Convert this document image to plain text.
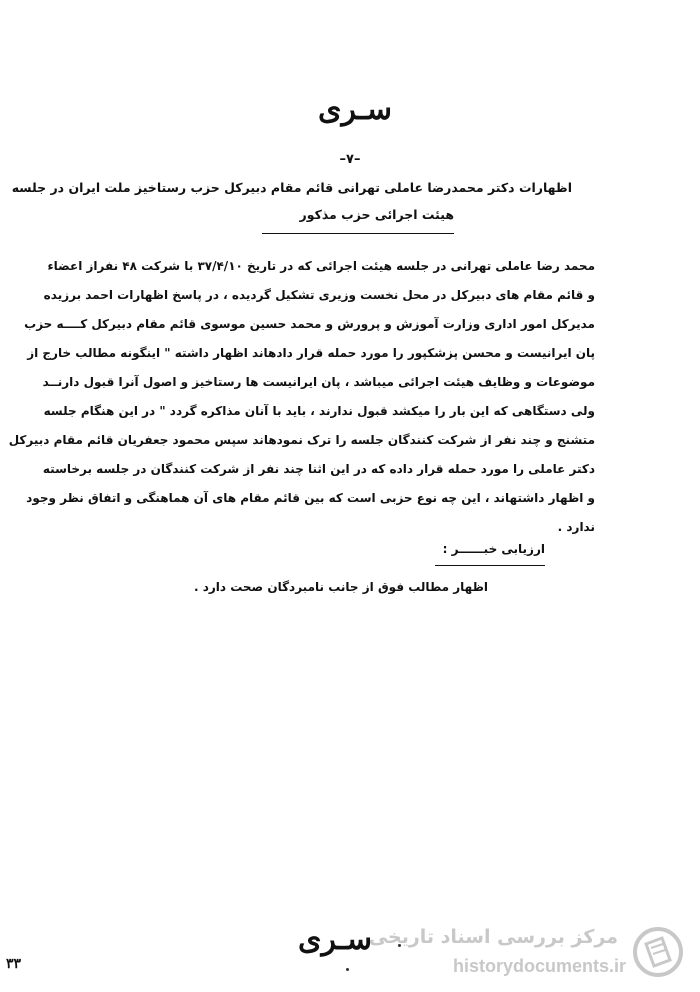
سـری
–۷–
اظهارات دکتر محمدرضا عاملی تهرانی قائم مقام دبیرکل حزب رستاخیز ملت ایران در جلسه
هیئت اجرائی حزب مذکور
محمد رضا عاملی تهرانی در جلسه هیئت اجرائی که در تاریخ ۳۷/۴/۱۰ با شرکت ۴۸ نفراز اعضاء
و قائم مقام های دبیرکل در محل نخست وزیری تشکیل گردیده ، در پاسخ اظهارات احمد برزیده
مدیرکل امور اداری وزارت آموزش و پرورش و محمد حسین موسوی قائم مقام دبیرکل کــــه حزب
پان ایرانیست و محسن پزشکپور را مورد حمله قرار دادهاند اظهار داشته " اینگونه مطالب خارج از
موضوعات و وظایف هیئت اجرائی میباشد ، پان ایرانیست ها رستاخیز و اصول آنرا قبول دارنــد
ولی دستگاهی که این بار را میکشد قبول ندارند ، باید با آنان مذاکره گردد " در این هنگام جلسه
متشنج و چند نفر از شرکت کنندگان جلسه را ترک نمودهاند سپس محمود جعفریان قائم مقام دبیرکل
دکتر عاملی را مورد حمله قرار داده که در این اثنا چند نفر از شرکت کنندگان در جلسه برخاسته
و اظهار داشتهاند ، این چه نوع حزبی است که بین قائم مقام های آن هماهنگی و اتفاق نظر وجود
ندارد .
ارزیابی خبــــــر :
اظهار مطالب فوق از جانب نامبردگان صحت دارد .
سـری
۳۳
مرکز بررسی اسناد تاریخی
historydocuments.ir
